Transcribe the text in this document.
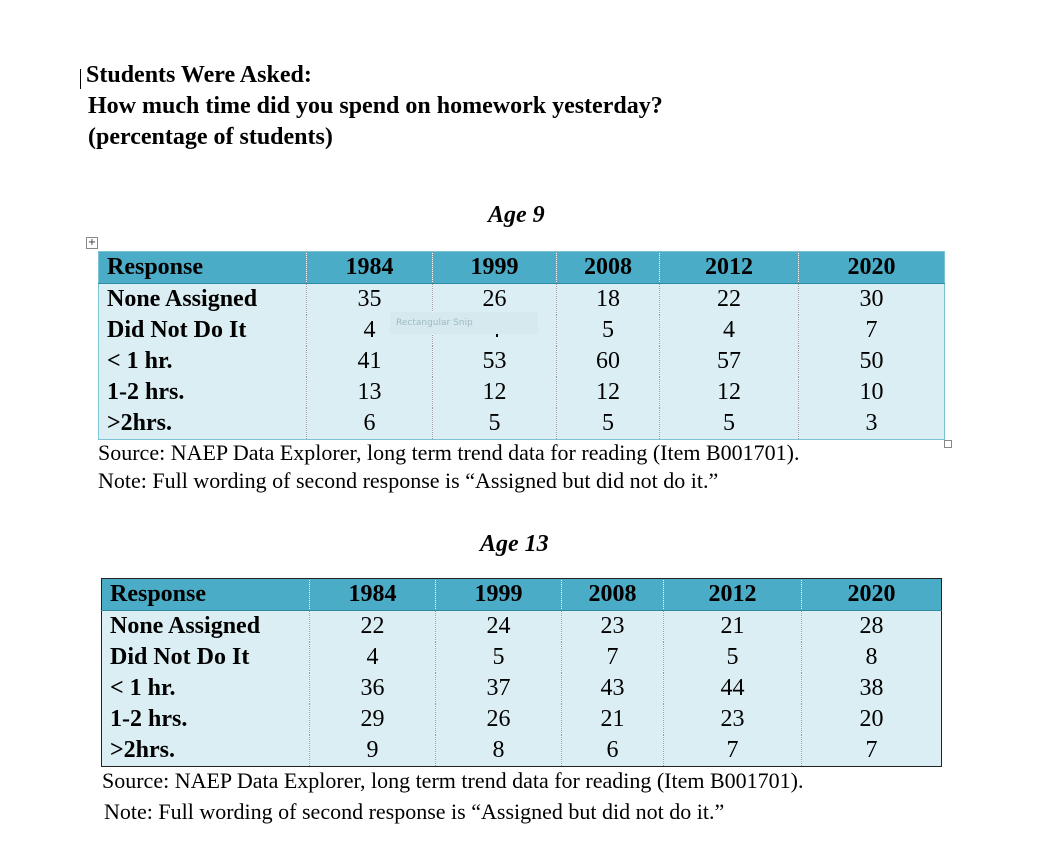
Students Were Asked:
How much time did you spend on homework yesterday?
(percentage of students)
Age 9
+
Response	1984	1999	2008	2012	2020
None Assigned	35	26	18	22	30
Did Not Do It	4		5	4	7
< 1 hr.	41	53	60	57	50
1-2 hrs.	13	12	12	12	10
>2hrs.	6	5	5	5	3
Rectangular Snip
Source: NAEP Data Explorer, long term trend data for reading (Item B001701).
Note: Full wording of second response is “Assigned but did not do it.”
Age 13
Response	1984	1999	2008	2012	2020
None Assigned	22	24	23	21	28
Did Not Do It	4	5	7	5	8
< 1 hr.	36	37	43	44	38
1-2 hrs.	29	26	21	23	20
>2hrs.	9	8	6	7	7
Source: NAEP Data Explorer, long term trend data for reading (Item B001701).
Note: Full wording of second response is “Assigned but did not do it.”
